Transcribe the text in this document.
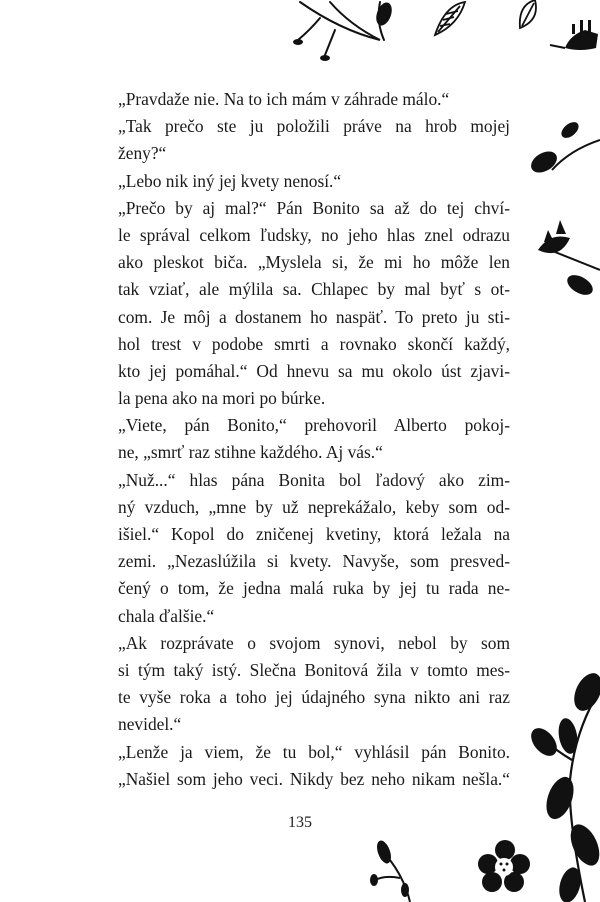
„Pravdaže nie. Na to ich mám v záhrade málo.“
„Tak prečo ste ju položili práve na hrob mojej
ženy?“
„Lebo nik iný jej kvety nenosí.“
„Prečo by aj mal?“ Pán Bonito sa až do tej chví-
le správal celkom ľudsky, no jeho hlas znel odrazu
ako pleskot biča. „Myslela si, že mi ho môže len
tak vziať, ale mýlila sa. Chlapec by mal byť s ot-
com. Je môj a dostanem ho naspäť. To preto ju sti-
hol trest v podobe smrti a rovnako skončí každý,
kto jej pomáhal.“ Od hnevu sa mu okolo úst zjavi-
la pena ako na mori po búrke.
„Viete, pán Bonito,“ prehovoril Alberto pokoj-
ne, „smrť raz stihne každého. Aj vás.“
„Nuž...“ hlas pána Bonita bol ľadový ako zim-
ný vzduch, „mne by už neprekážalo, keby som od-
išiel.“ Kopol do zničenej kvetiny, ktorá ležala na
zemi. „Nezaslúžila si kvety. Navyše, som presved-
čený o tom, že jedna malá ruka by jej tu rada ne-
chala ďalšie.“
„Ak rozprávate o svojom synovi, nebol by som
si tým taký istý. Slečna Bonitová žila v tomto mes-
te vyše roka a toho jej údajného syna nikto ani raz
nevidel.“
„Lenže ja viem, že tu bol,“ vyhlásil pán Bonito.
„Našiel som jeho veci. Nikdy bez neho nikam nešla.“
135
